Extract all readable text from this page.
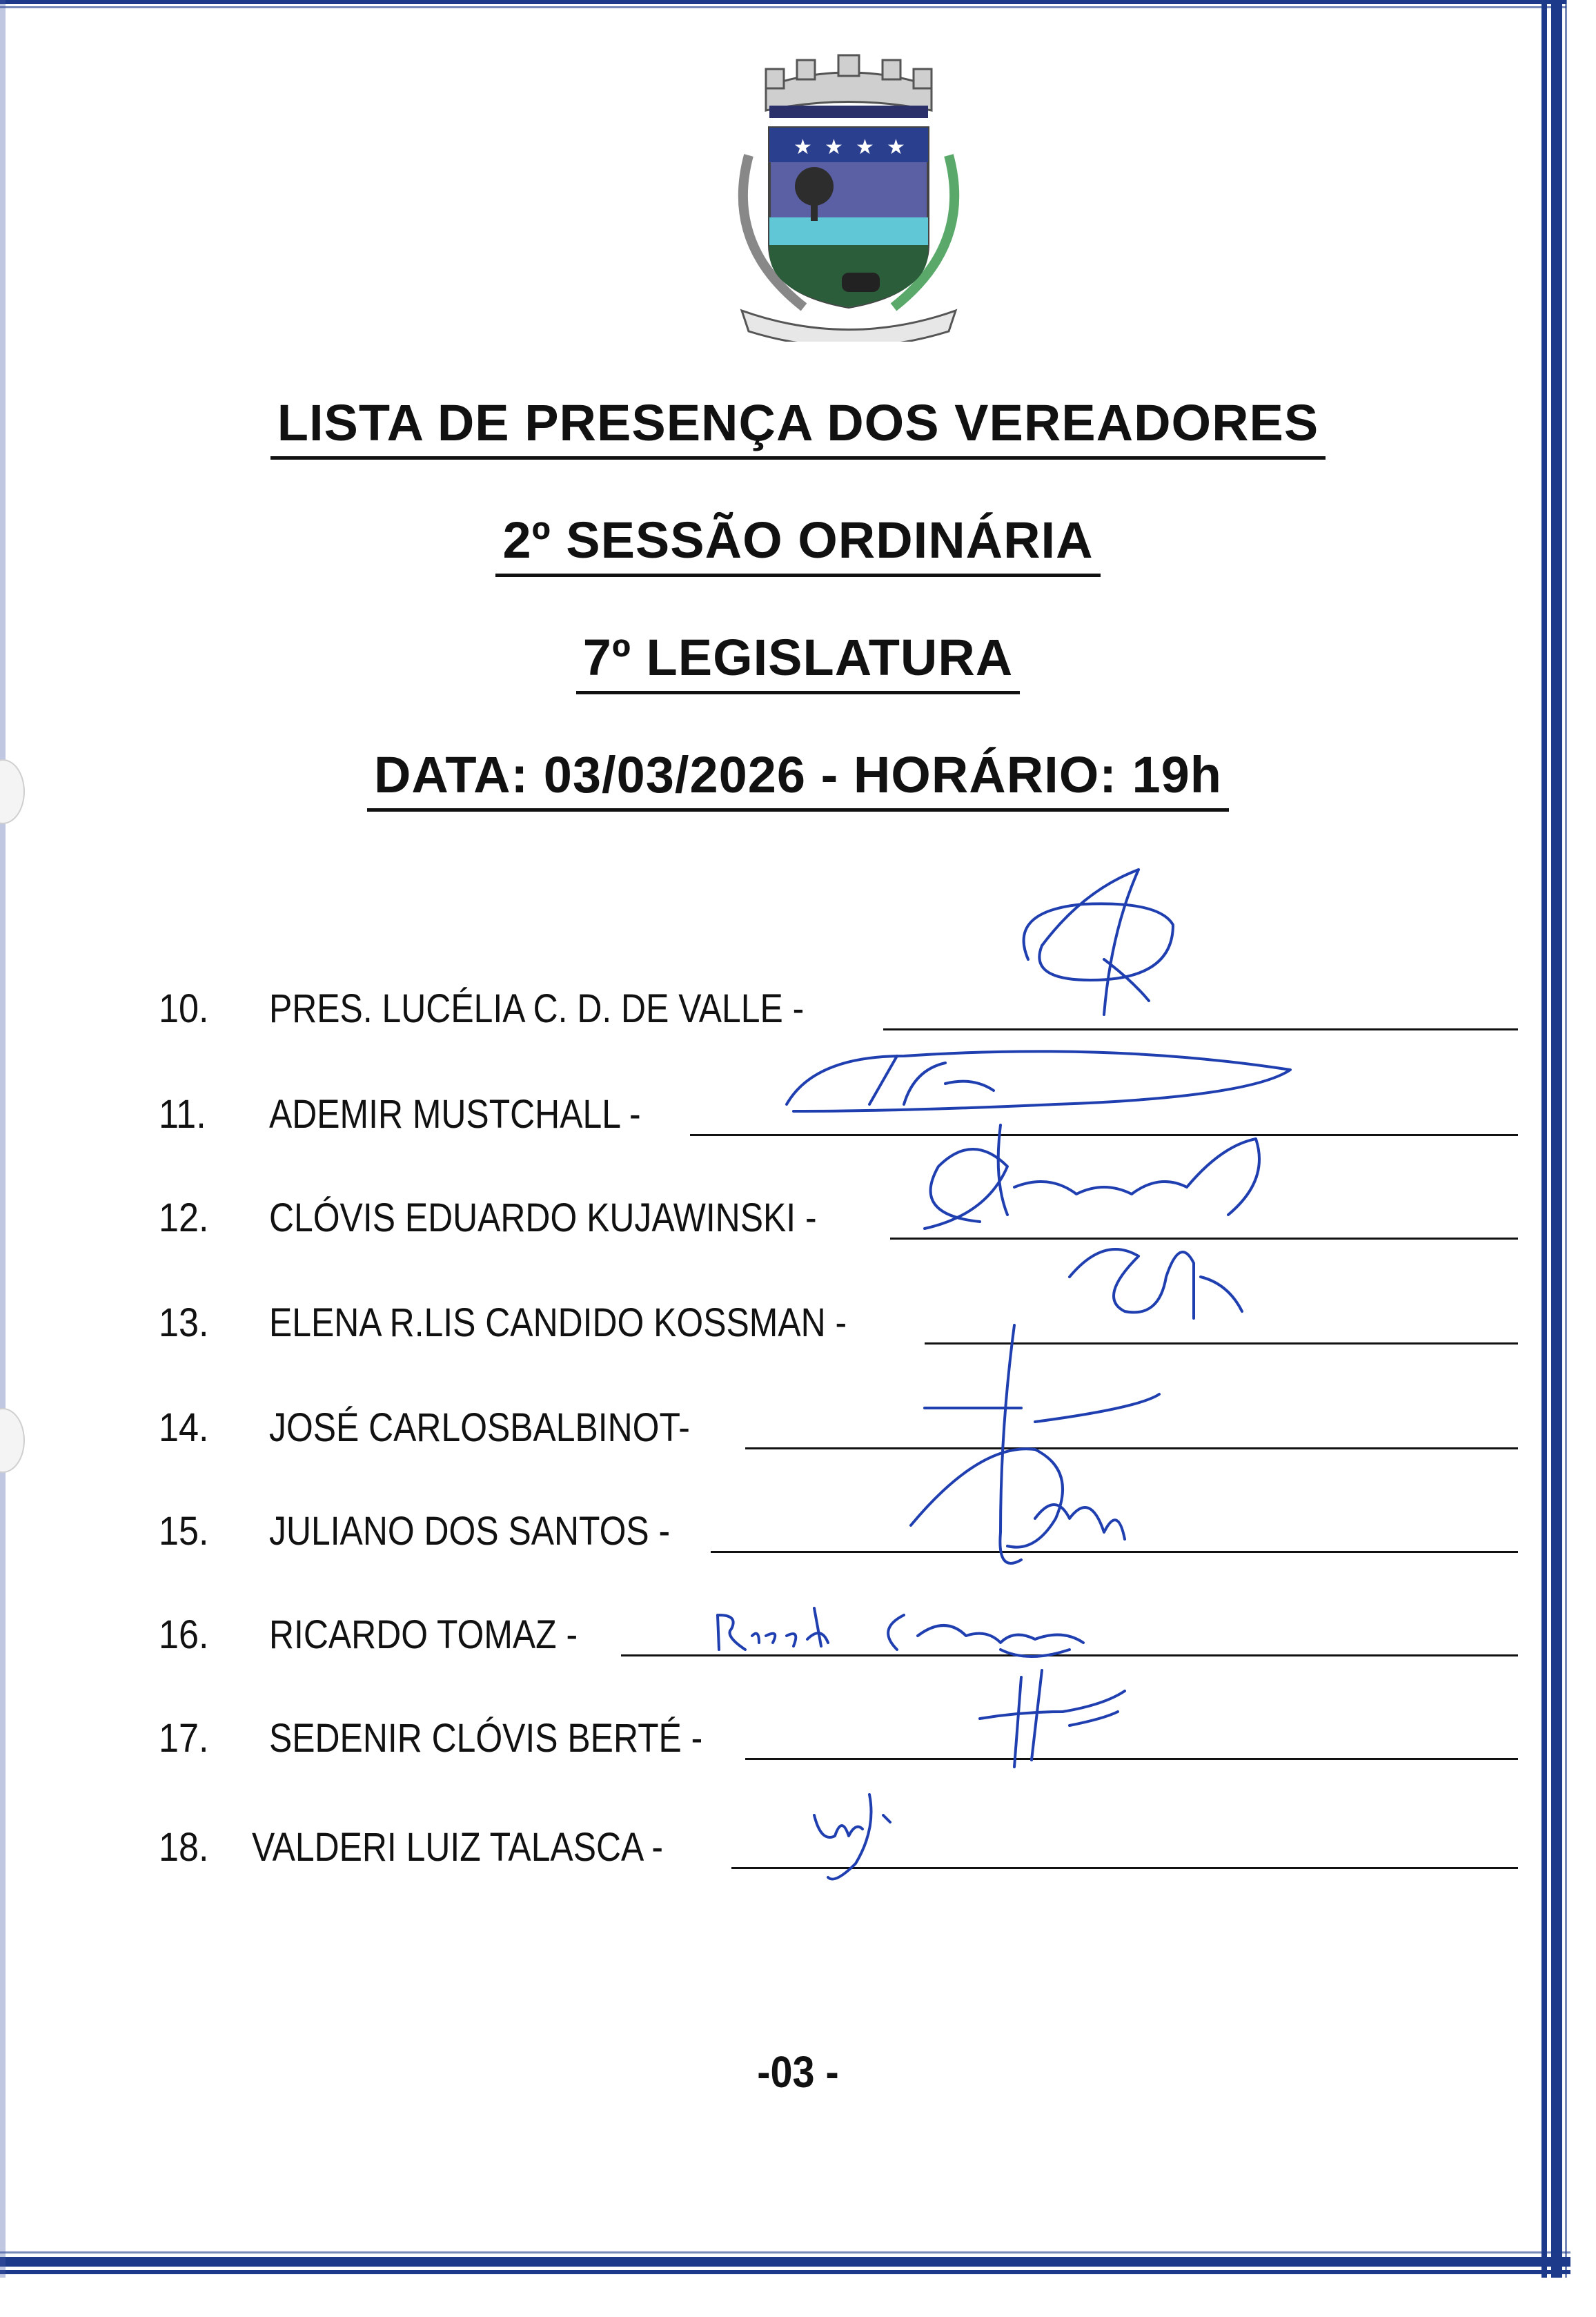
★ ★ ★ ★
LISTA DE PRESENÇA DOS VEREADORES
2º SESSÃO ORDINÁRIA
7º LEGISLATURA
DATA: 03/03/2026 - HORÁRIO: 19h
10. PRES. LUCÉLIA C. D. DE VALLE -
11. ADEMIR MUSTCHALL -
12. CLÓVIS EDUARDO KUJAWINSKI -
13. ELENA R.LIS CANDIDO KOSSMAN -
14. JOSÉ CARLOSBALBINOT-
15. JULIANO DOS SANTOS -
16. RICARDO TOMAZ -
17. SEDENIR CLÓVIS BERTÉ -
18. VALDERI LUIZ TALASCA -
-03 -
